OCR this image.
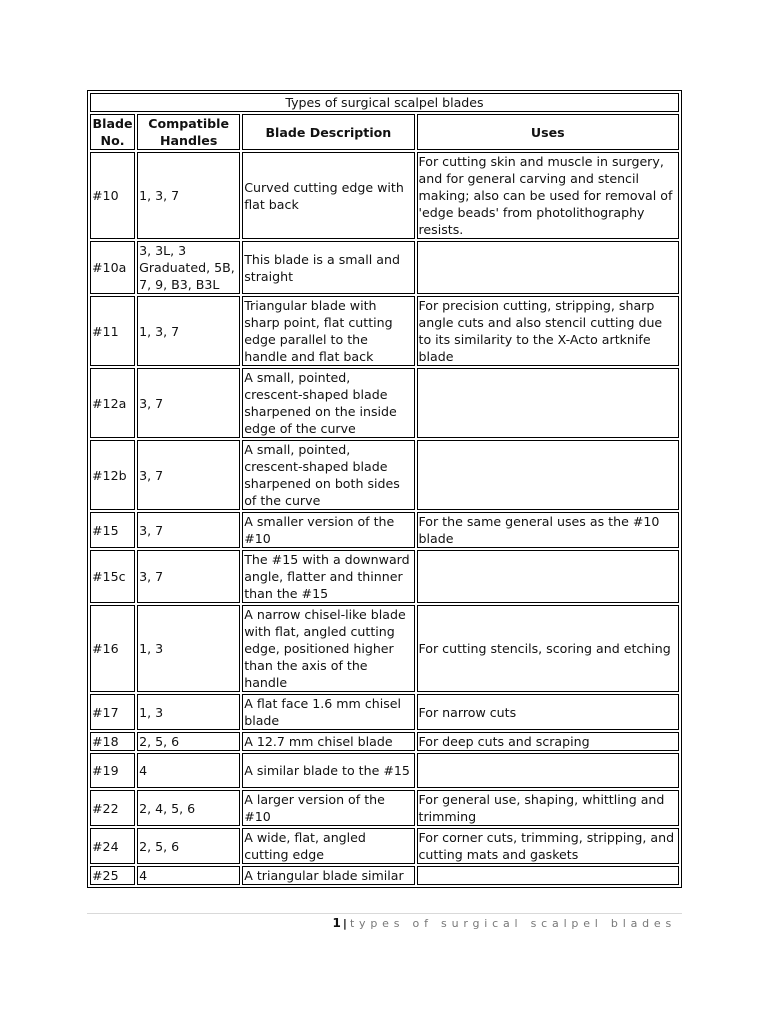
Types of surgical scalpel blades			
Blade No.	Compatible Handles	Blade Description	Uses
#10	1, 3, 7	Curved cutting edge with flat back	For cutting skin and muscle in surgery, and for general carving and stencil making; also can be used for removal of 'edge beads' from photolithography resists.
#10a	3, 3L, 3 Graduated, 5B, 7, 9, B3, B3L	This blade is a small and straight	
#11	1, 3, 7	Triangular blade with sharp point, flat cutting edge parallel to the handle and flat back	For precision cutting, stripping, sharp angle cuts and also stencil cutting due to its similarity to the X-Acto artknife blade
#12a	3, 7	A small, pointed, crescent-shaped blade sharpened on the inside edge of the curve	
#12b	3, 7	A small, pointed, crescent-shaped blade sharpened on both sides of the curve	
#15	3, 7	A smaller version of the #10	For the same general uses as the #10 blade
#15c	3, 7	The #15 with a downward angle, flatter and thinner than the #15	
#16	1, 3	A narrow chisel-like blade with flat, angled cutting edge, positioned higher than the axis of the handle	For cutting stencils, scoring and etching
#17	1, 3	A flat face 1.6 mm chisel blade	For narrow cuts
#18	2, 5, 6	A 12.7 mm chisel blade	For deep cuts and scraping
#19	4	A similar blade to the #15	
#22	2, 4, 5, 6	A larger version of the #10	For general use, shaping, whittling and trimming
#24	2, 5, 6	A wide, flat, angled cutting edge	For corner cuts, trimming, stripping, and cutting mats and gaskets
#25	4	A triangular blade similar	
1 | types of surgical scalpel blades
